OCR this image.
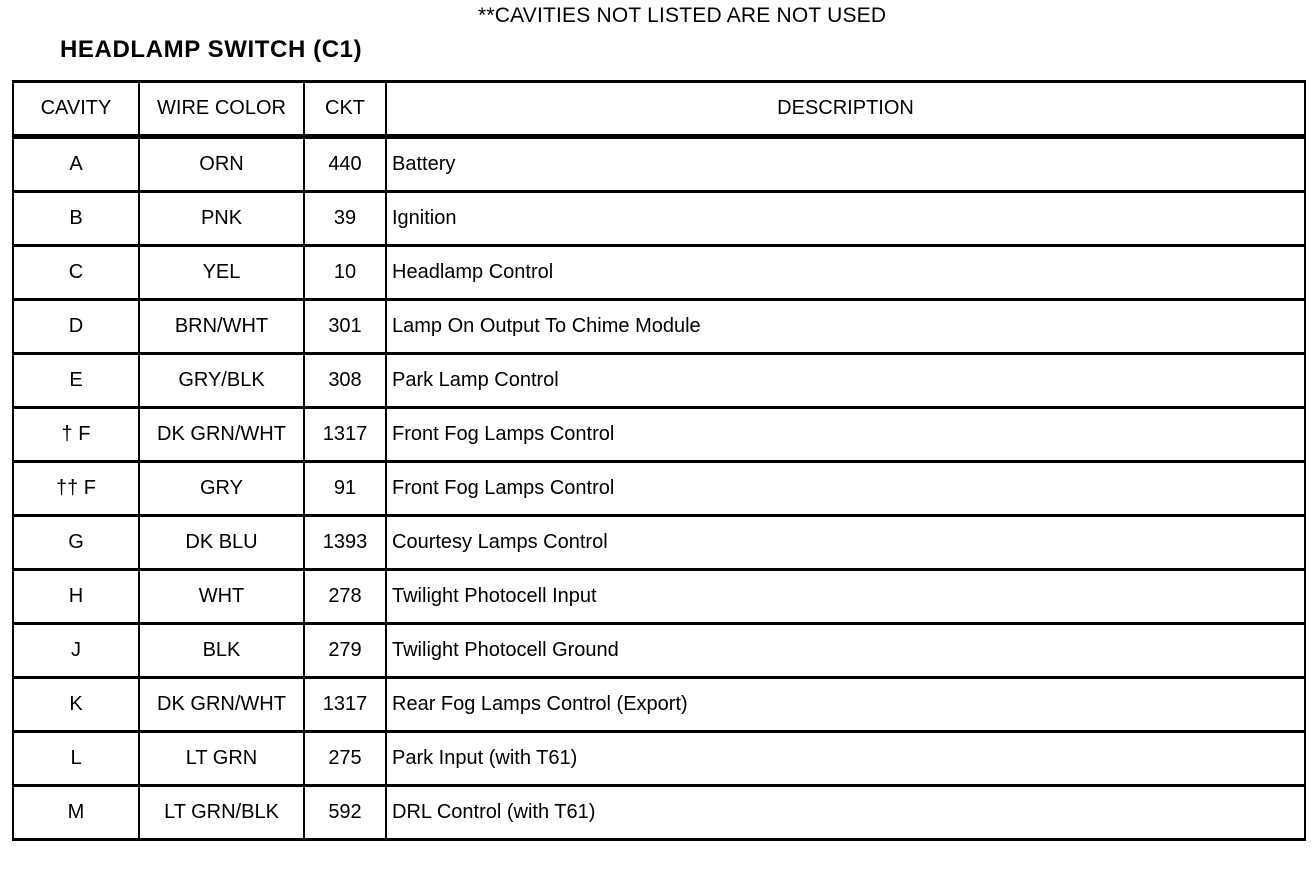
**CAVITIES NOT LISTED ARE NOT USED
HEADLAMP SWITCH (C1)
CAVITY	WIRE COLOR	CKT	DESCRIPTION
A	ORN	440	Battery
B	PNK	39	Ignition
C	YEL	10	Headlamp Control
D	BRN/WHT	301	Lamp On Output To Chime Module
E	GRY/BLK	308	Park Lamp Control
† F	DK GRN/WHT	1317	Front Fog Lamps Control
†† F	GRY	91	Front Fog Lamps Control
G	DK BLU	1393	Courtesy Lamps Control
H	WHT	278	Twilight Photocell Input
J	BLK	279	Twilight Photocell Ground
K	DK GRN/WHT	1317	Rear Fog Lamps Control (Export)
L	LT GRN	275	Park Input (with T61)
M	LT GRN/BLK	592	DRL Control (with T61)
